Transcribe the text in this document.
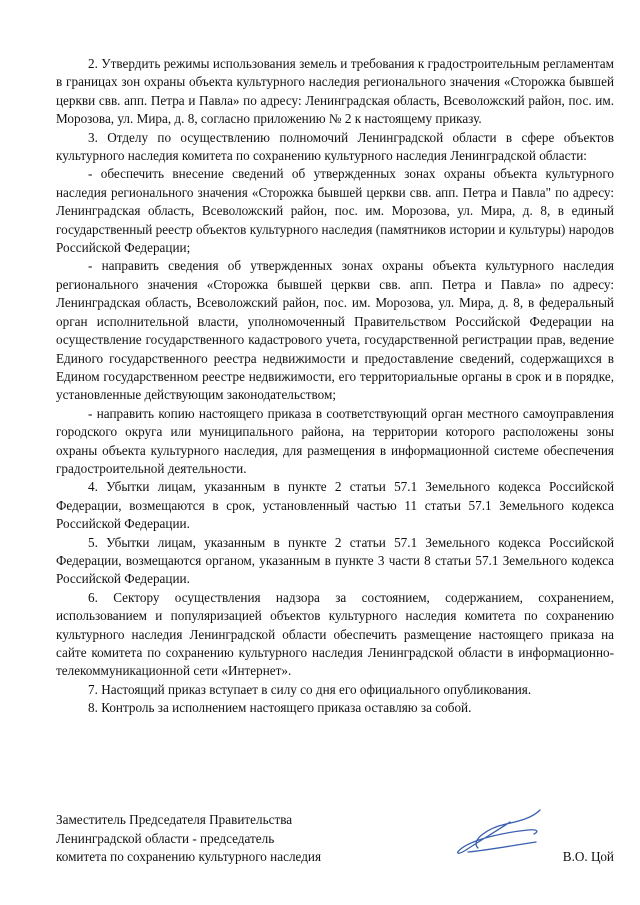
2. Утвердить режимы использования земель и требования к градостроительным регламентам в границах зон охраны объекта культурного наследия регионального значения «Сторожка бывшей церкви свв. апп. Петра и Павла» по адресу: Ленинградская область, Всеволожский район, пос. им. Морозова, ул. Мира, д. 8, согласно приложению № 2 к настоящему приказу.

3. Отделу по осуществлению полномочий Ленинградской области в сфере объектов культурного наследия комитета по сохранению культурного наследия Ленинградской области:

- обеспечить внесение сведений об утвержденных зонах охраны объекта культурного наследия регионального значения «Сторожка бывшей церкви свв. апп. Петра и Павла" по адресу: Ленинградская область, Всеволожский район, пос. им. Морозова, ул. Мира, д. 8, в единый государственный реестр объектов культурного наследия (памятников истории и культуры) народов Российской Федерации;

- направить сведения об утвержденных зонах охраны объекта культурного наследия регионального значения «Сторожка бывшей церкви свв. апп. Петра и Павла» по адресу: Ленинградская область, Всеволожский район, пос. им. Морозова, ул. Мира, д. 8, в федеральный орган исполнительной власти, уполномоченный Правительством Российской Федерации на осуществление государственного кадастрового учета, государственной регистрации прав, ведение Единого государственного реестра недвижимости и предоставление сведений, содержащихся в Едином государственном реестре недвижимости, его территориальные органы в срок и в порядке, установленные действующим законодательством;

- направить копию настоящего приказа в соответствующий орган местного самоуправления городского округа или муниципального района, на территории которого расположены зоны охраны объекта культурного наследия, для размещения в информационной системе обеспечения градостроительной деятельности.

4. Убытки лицам, указанным в пункте 2 статьи 57.1 Земельного кодекса Российской Федерации, возмещаются в срок, установленный частью 11 статьи 57.1 Земельного кодекса Российской Федерации.

5. Убытки лицам, указанным в пункте 2 статьи 57.1 Земельного кодекса Российской Федерации, возмещаются органом, указанным в пункте 3 части 8 статьи 57.1 Земельного кодекса Российской Федерации.

6. Сектору осуществления надзора за состоянием, содержанием, сохранением, использованием и популяризацией объектов культурного наследия комитета по сохранению культурного наследия Ленинградской области обеспечить размещение настоящего приказа на сайте комитета по сохранению культурного наследия Ленинградской области в информационно-телекоммуникационной сети «Интернет».

7. Настоящий приказ вступает в силу со дня его официального опубликования.

8. Контроль за исполнением настоящего приказа оставляю за собой.

Заместитель Председателя Правительства
Ленинградской области - председатель
комитета по сохранению культурного наследия	В.О. Цой
